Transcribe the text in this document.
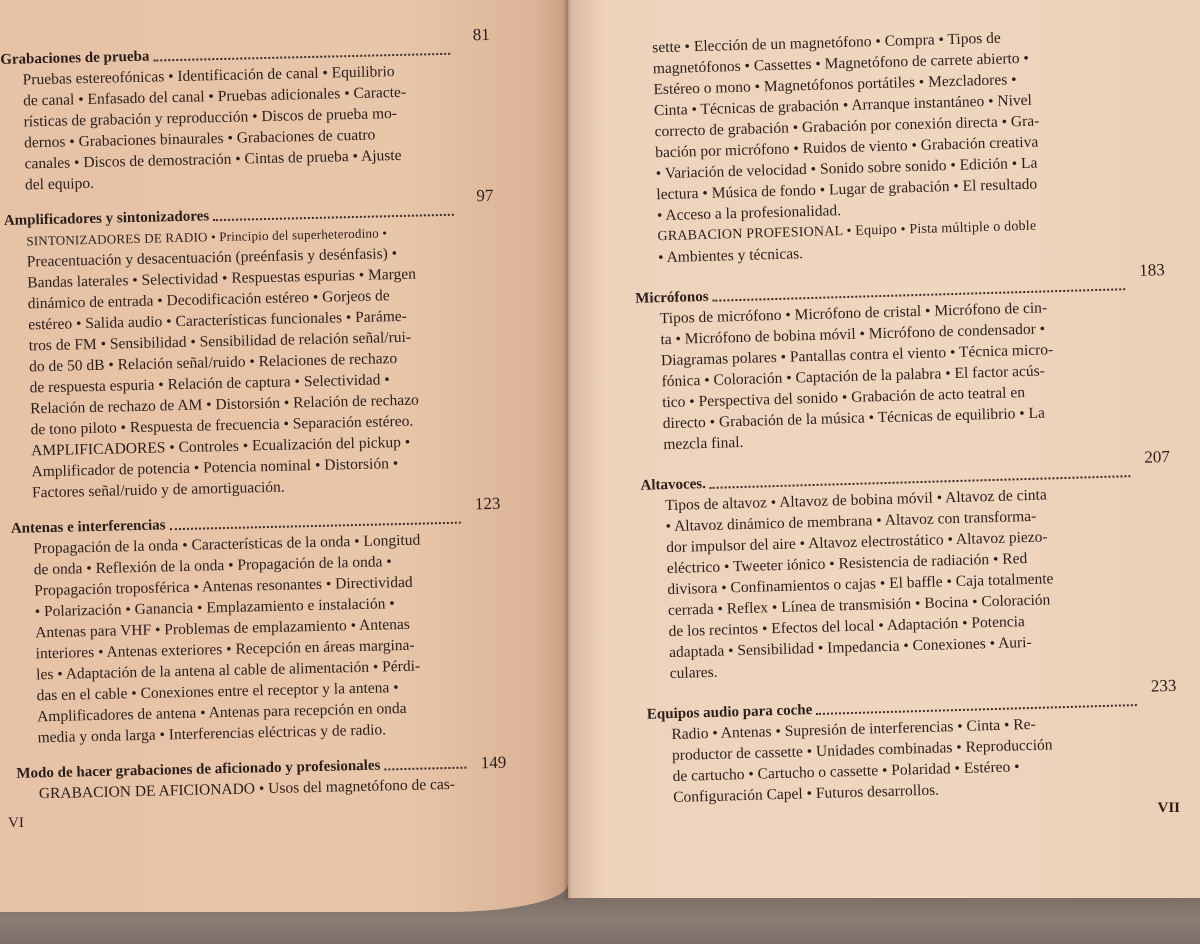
Grabaciones de prueba
81
Pruebas estereofónicas • Identificación de canal • Equilibrio
de canal • Enfasado del canal • Pruebas adicionales • Caracte-
rísticas de grabación y reproducción • Discos de prueba mo-
dernos • Grabaciones binaurales • Grabaciones de cuatro
canales • Discos de demostración • Cintas de prueba • Ajuste
del equipo.
Amplificadores y sintonizadores
97
SINTONIZADORES DE RADIO • Principio del superheterodino •
Preacentuación y desacentuación (preénfasis y desénfasis) •
Bandas laterales • Selectividad • Respuestas espurias • Margen
dinámico de entrada • Decodificación estéreo • Gorjeos de
estéreo • Salida audio • Características funcionales • Paráme-
tros de FM • Sensibilidad • Sensibilidad de relación señal/rui-
do de 50 dB • Relación señal/ruido • Relaciones de rechazo
de respuesta espuria • Relación de captura • Selectividad •
Relación de rechazo de AM • Distorsión • Relación de rechazo
de tono piloto • Respuesta de frecuencia • Separación estéreo.
AMPLIFICADORES • Controles • Ecualización del pickup •
Amplificador de potencia • Potencia nominal • Distorsión •
Factores señal/ruido y de amortiguación.
Antenas e interferencias
123
Propagación de la onda • Características de la onda • Longitud
de onda • Reflexión de la onda • Propagación de la onda •
Propagación troposférica • Antenas resonantes • Directividad
• Polarización • Ganancia • Emplazamiento e instalación •
Antenas para VHF • Problemas de emplazamiento • Antenas
interiores • Antenas exteriores • Recepción en áreas margina-
les • Adaptación de la antena al cable de alimentación • Pérdi-
das en el cable • Conexiones entre el receptor y la antena •
Amplificadores de antena • Antenas para recepción en onda
media y onda larga • Interferencias eléctricas y de radio.
Modo de hacer grabaciones de aficionado y profesionales	149
GRABACION DE AFICIONADO • Usos del magnetófono de cas-
VI
sette • Elección de un magnetófono • Compra • Tipos de
magnetófonos • Cassettes • Magnetófono de carrete abierto •
Estéreo o mono • Magnetófonos portátiles • Mezcladores •
Cinta • Técnicas de grabación • Arranque instantáneo • Nivel
correcto de grabación • Grabación por conexión directa • Gra-
bación por micrófono • Ruidos de viento • Grabación creativa
• Variación de velocidad • Sonido sobre sonido • Edición • La
lectura • Música de fondo • Lugar de grabación • El resultado
• Acceso a la profesionalidad.
GRABACION PROFESIONAL • Equipo • Pista múltiple o doble
• Ambientes y técnicas.
Micrófonos
183
Tipos de micrófono • Micrófono de cristal • Micrófono de cin-
ta • Micrófono de bobina móvil • Micrófono de condensador •
Diagramas polares • Pantallas contra el viento • Técnica micro-
fónica • Coloración • Captación de la palabra • El factor acús-
tico • Perspectiva del sonido • Grabación de acto teatral en
directo • Grabación de la música • Técnicas de equilibrio • La
mezcla final.
Altavoces.
207
Tipos de altavoz • Altavoz de bobina móvil • Altavoz de cinta
• Altavoz dinámico de membrana • Altavoz con transforma-
dor impulsor del aire • Altavoz electrostático • Altavoz piezo-
eléctrico • Tweeter iónico • Resistencia de radiación • Red
divisora • Confinamientos o cajas • El baffle • Caja totalmente
cerrada • Reflex • Línea de transmisión • Bocina • Coloración
de los recintos • Efectos del local • Adaptación • Potencia
adaptada • Sensibilidad • Impedancia • Conexiones • Auri-
culares.
Equipos audio para coche
233
Radio • Antenas • Supresión de interferencias • Cinta • Re-
productor de cassette • Unidades combinadas • Reproducción
de cartucho • Cartucho o cassette • Polaridad • Estéreo •
Configuración Capel • Futuros desarrollos.
VII
